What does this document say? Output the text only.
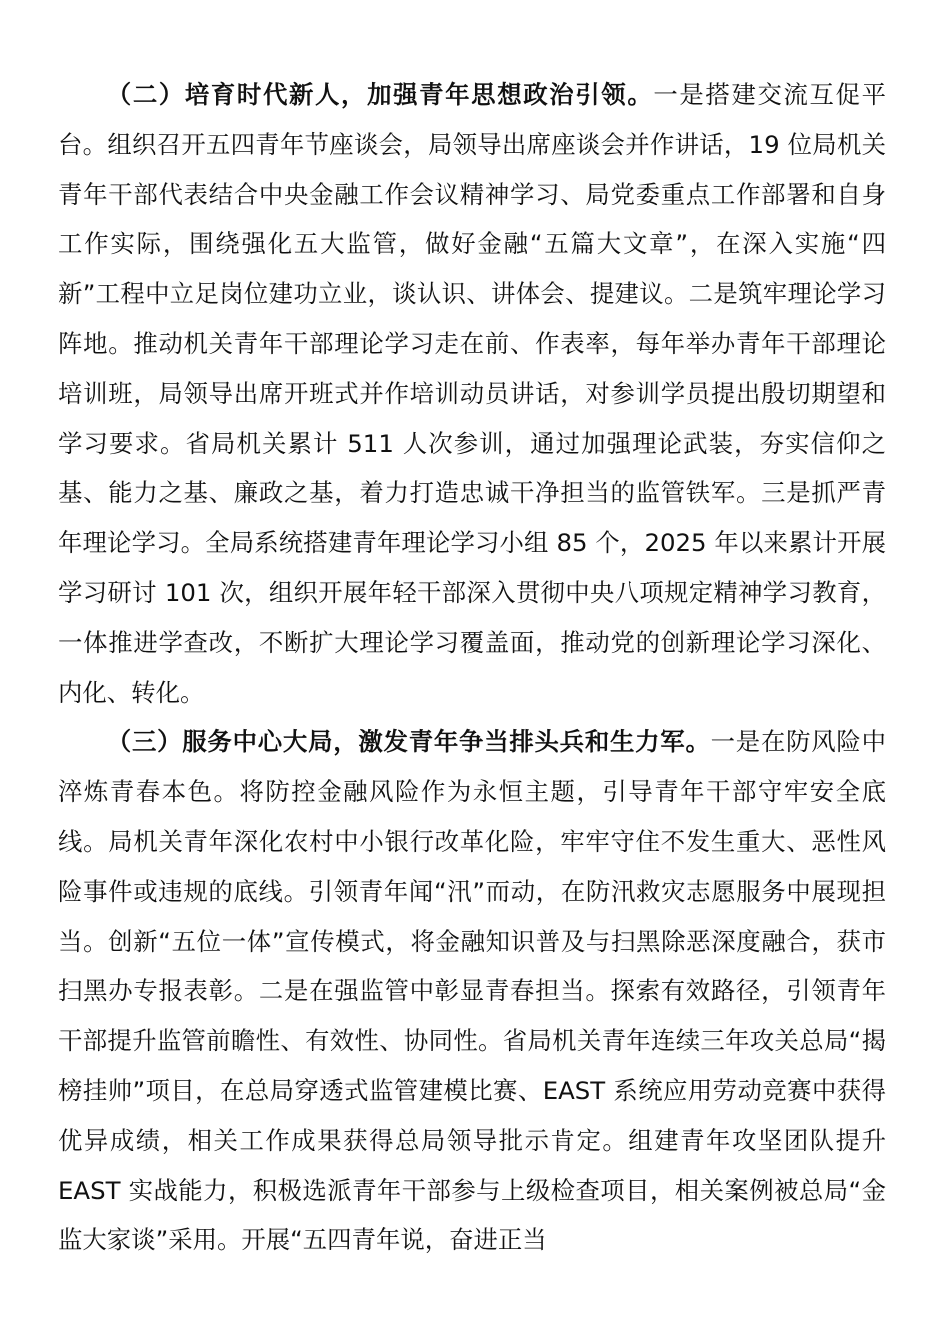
（二）培育时代新人，加强青年思想政治引领。一是搭建交流互促平台。组织召开五四青年节座谈会，局领导出席座谈会并作讲话，19 位局机关青年干部代表结合中央金融工作会议精神学习、局党委重点工作部署和自身工作实际，围绕强化五大监管，做好金融“五篇大文章”，在深入实施“四新”工程中立足岗位建功立业，谈认识、讲体会、提建议。二是筑牢理论学习阵地。推动机关青年干部理论学习走在前、作表率，每年举办青年干部理论培训班，局领导出席开班式并作培训动员讲话，对参训学员提出殷切期望和学习要求。省局机关累计 511 人次参训，通过加强理论武装，夯实信仰之基、能力之基、廉政之基，着力打造忠诚干净担当的监管铁军。三是抓严青年理论学习。全局系统搭建青年理论学习小组 85 个，2025 年以来累计开展学习研讨 101 次，组织开展年轻干部深入贯彻中央八项规定精神学习教育，一体推进学查改，不断扩大理论学习覆盖面，推动党的创新理论学习深化、内化、转化。

（三）服务中心大局，激发青年争当排头兵和生力军。一是在防风险中淬炼青春本色。将防控金融风险作为永恒主题，引导青年干部守牢安全底线。局机关青年深化农村中小银行改革化险，牢牢守住不发生重大、恶性风险事件或违规的底线。引领青年闻“汛”而动，在防汛救灾志愿服务中展现担当。创新“五位一体”宣传模式，将金融知识普及与扫黑除恶深度融合，获市扫黑办专报表彰。二是在强监管中彰显青春担当。探索有效路径，引领青年干部提升监管前瞻性、有效性、协同性。省局机关青年连续三年攻关总局“揭榜挂帅”项目，在总局穿透式监管建模比赛、EAST 系统应用劳动竞赛中获得优异成绩，相关工作成果获得总局领导批示肯定。组建青年攻坚团队提升 EAST 实战能力，积极选派青年干部参与上级检查项目，相关案例被总局“金监大家谈”采用。开展“五四青年说，奋进正当
